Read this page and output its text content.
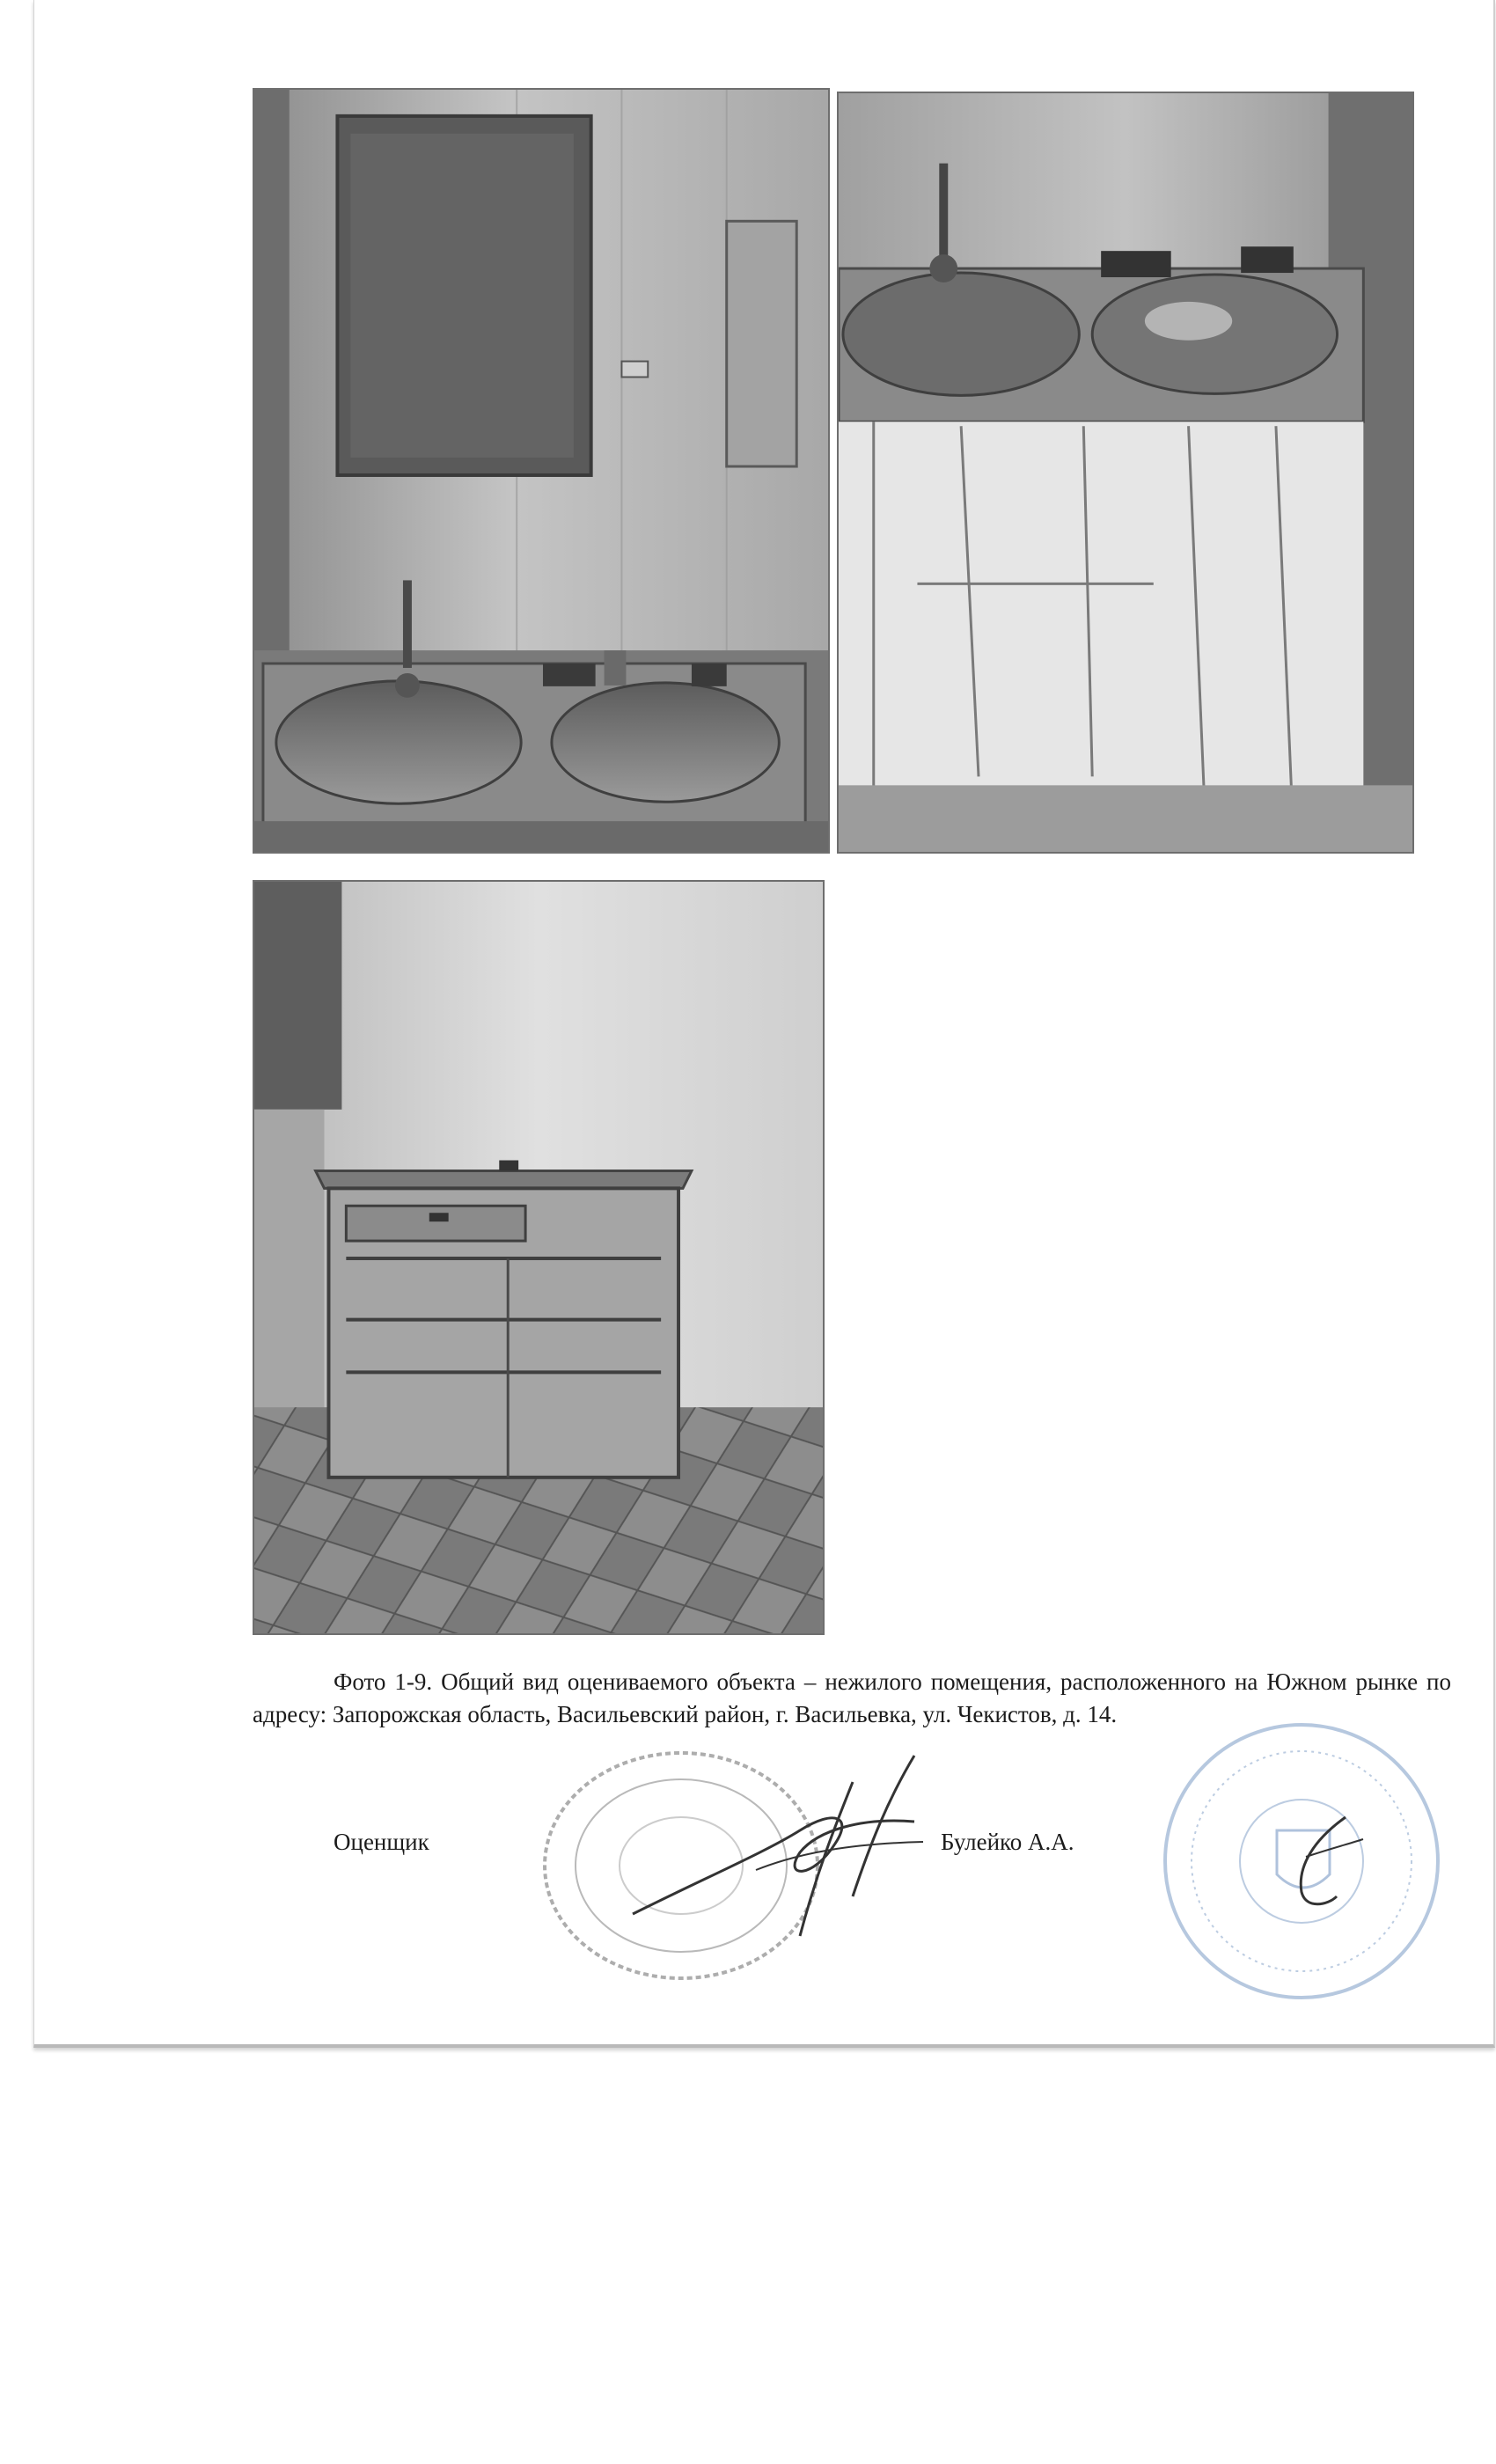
Фото 1-9. Общий вид оцениваемого объекта – нежилого помещения, расположенного на Южном рынке по адресу: Запорожская область, Васильевский район, г. Васильевка, ул. Чекистов, д. 14.
Оценщик	Булейко А.А.
